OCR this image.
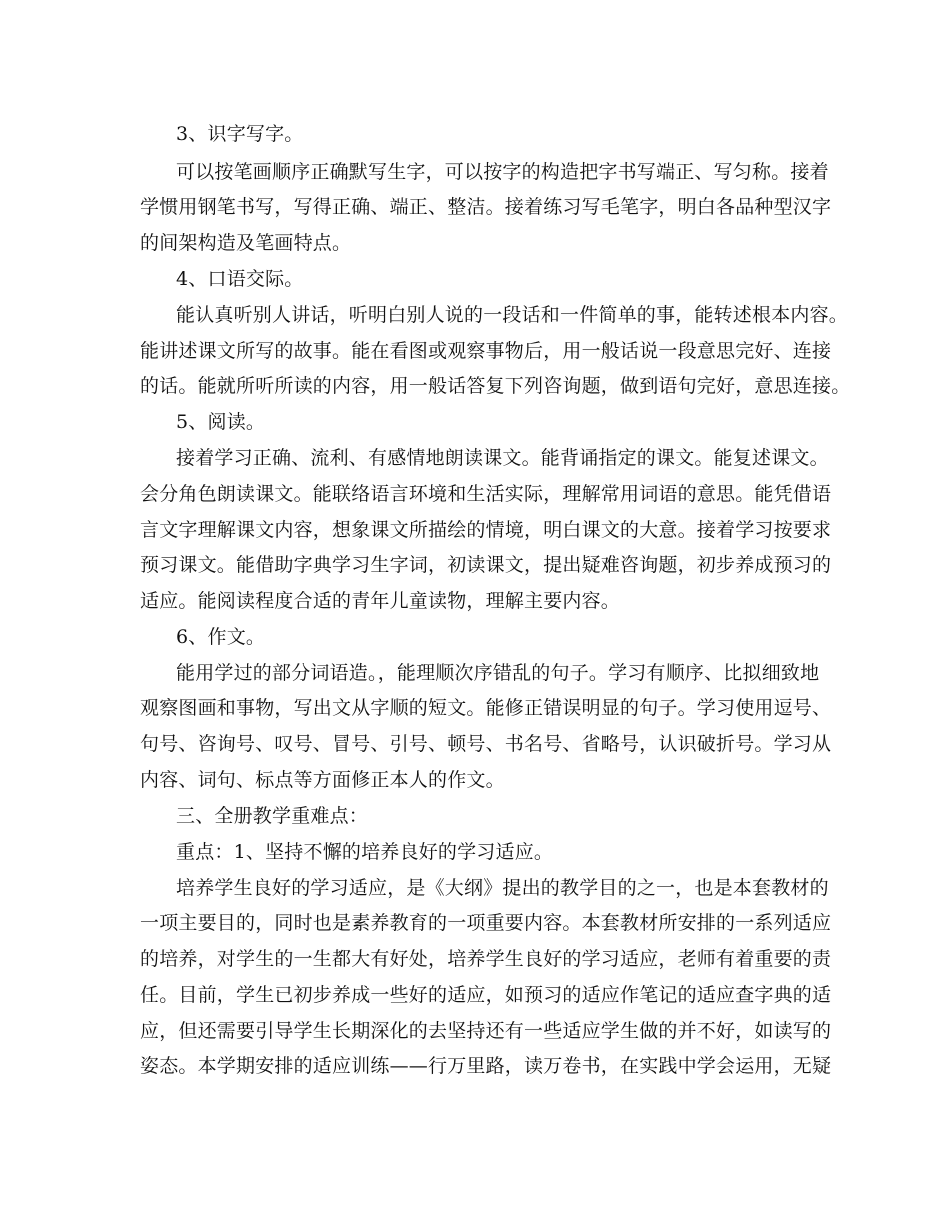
3、识字写字。
可以按笔画顺序正确默写生字，可以按字的构造把字书写端正、写匀称。接着
学惯用钢笔书写，写得正确、端正、整洁。接着练习写毛笔字，明白各品种型汉字
的间架构造及笔画特点。
4、口语交际。
能认真听别人讲话，听明白别人说的一段话和一件简单的事，能转述根本内容。
能讲述课文所写的故事。能在看图或观察事物后，用一般话说一段意思完好、连接
的话。能就所听所读的内容，用一般话答复下列咨询题，做到语句完好，意思连接。
5、阅读。
接着学习正确、流利、有感情地朗读课文。能背诵指定的课文。能复述课文。
会分角色朗读课文。能联络语言环境和生活实际，理解常用词语的意思。能凭借语
言文字理解课文内容，想象课文所描绘的情境，明白课文的大意。接着学习按要求
预习课文。能借助字典学习生字词，初读课文，提出疑难咨询题，初步养成预习的
适应。能阅读程度合适的青年儿童读物，理解主要内容。
6、作文。
能用学过的部分词语造。，能理顺次序错乱的句子。学习有顺序、比拟细致地
观察图画和事物，写出文从字顺的短文。能修正错误明显的句子。学习使用逗号、
句号、咨询号、叹号、冒号、引号、顿号、书名号、省略号，认识破折号。学习从
内容、词句、标点等方面修正本人的作文。
三、全册教学重难点：
重点：1、坚持不懈的培养良好的学习适应。
培养学生良好的学习适应，是《大纲》提出的教学目的之一，也是本套教材的
一项主要目的，同时也是素养教育的一项重要内容。本套教材所安排的一系列适应
的培养，对学生的一生都大有好处，培养学生良好的学习适应，老师有着重要的责
任。目前，学生已初步养成一些好的适应，如预习的适应作笔记的适应查字典的适
应，但还需要引导学生长期深化的去坚持还有一些适应学生做的并不好，如读写的
姿态。本学期安排的适应训练——行万里路，读万卷书，在实践中学会运用，无疑
